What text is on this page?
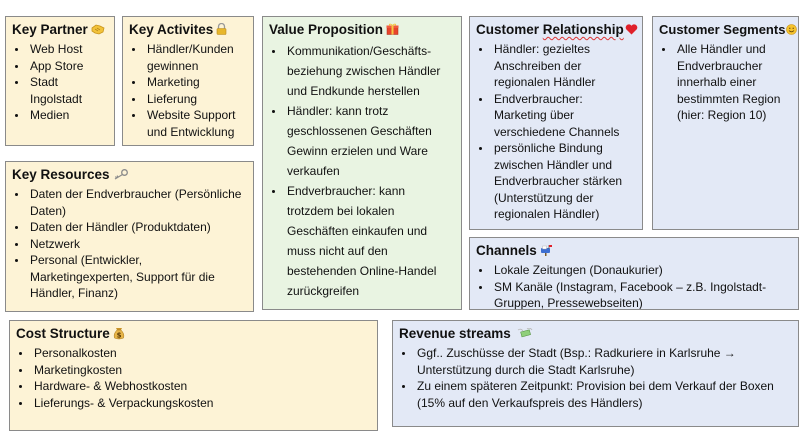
Key Partner
• Web Host
• App Store
• Stadt Ingolstadt
• Medien
Key Activites
• Händler/Kunden gewinnen
• Marketing
• Lieferung
• Website Support und Entwicklung
Value Proposition
• Kommunikation/Geschäfts-beziehung zwischen Händler und Endkunde herstellen
• Händler: kann trotz geschlossenen Geschäften Gewinn erzielen und Ware verkaufen
• Endverbraucher: kann trotzdem bei lokalen Geschäften einkaufen und muss nicht auf den bestehenden Online-Handel zurückgreifen
Customer Relationship
• Händler: gezieltes Anschreiben der regionalen Händler
• Endverbraucher: Marketing über verschiedene Channels
• persönliche Bindung zwischen Händler und Endverbraucher stärken (Unterstützung der regionalen Händler)
Customer Segments
• Alle Händler und Endverbraucher innerhalb einer bestimmten Region (hier: Region 10)
Key Resources
• Daten der Endverbraucher (Persönliche Daten)
• Daten der Händler (Produktdaten)
• Netzwerk
• Personal (Entwickler, Marketingexperten, Support für die Händler, Finanz)
Channels
• Lokale Zeitungen (Donaukurier)
• SM Kanäle (Instagram, Facebook – z.B. Ingolstadt-Gruppen, Pressewebseiten)
Cost Structure $
• Personalkosten
• Marketingkosten
• Hardware- & Webhostkosten
• Lieferungs- & Verpackungskosten
Revenue streams
• Ggf.. Zuschüsse der Stadt (Bsp.: Radkuriere in Karlsruhe → Unterstützung durch die Stadt Karlsruhe)
• Zu einem späteren Zeitpunkt: Provision bei dem Verkauf der Boxen (15% auf den Verkaufspreis des Händlers)
